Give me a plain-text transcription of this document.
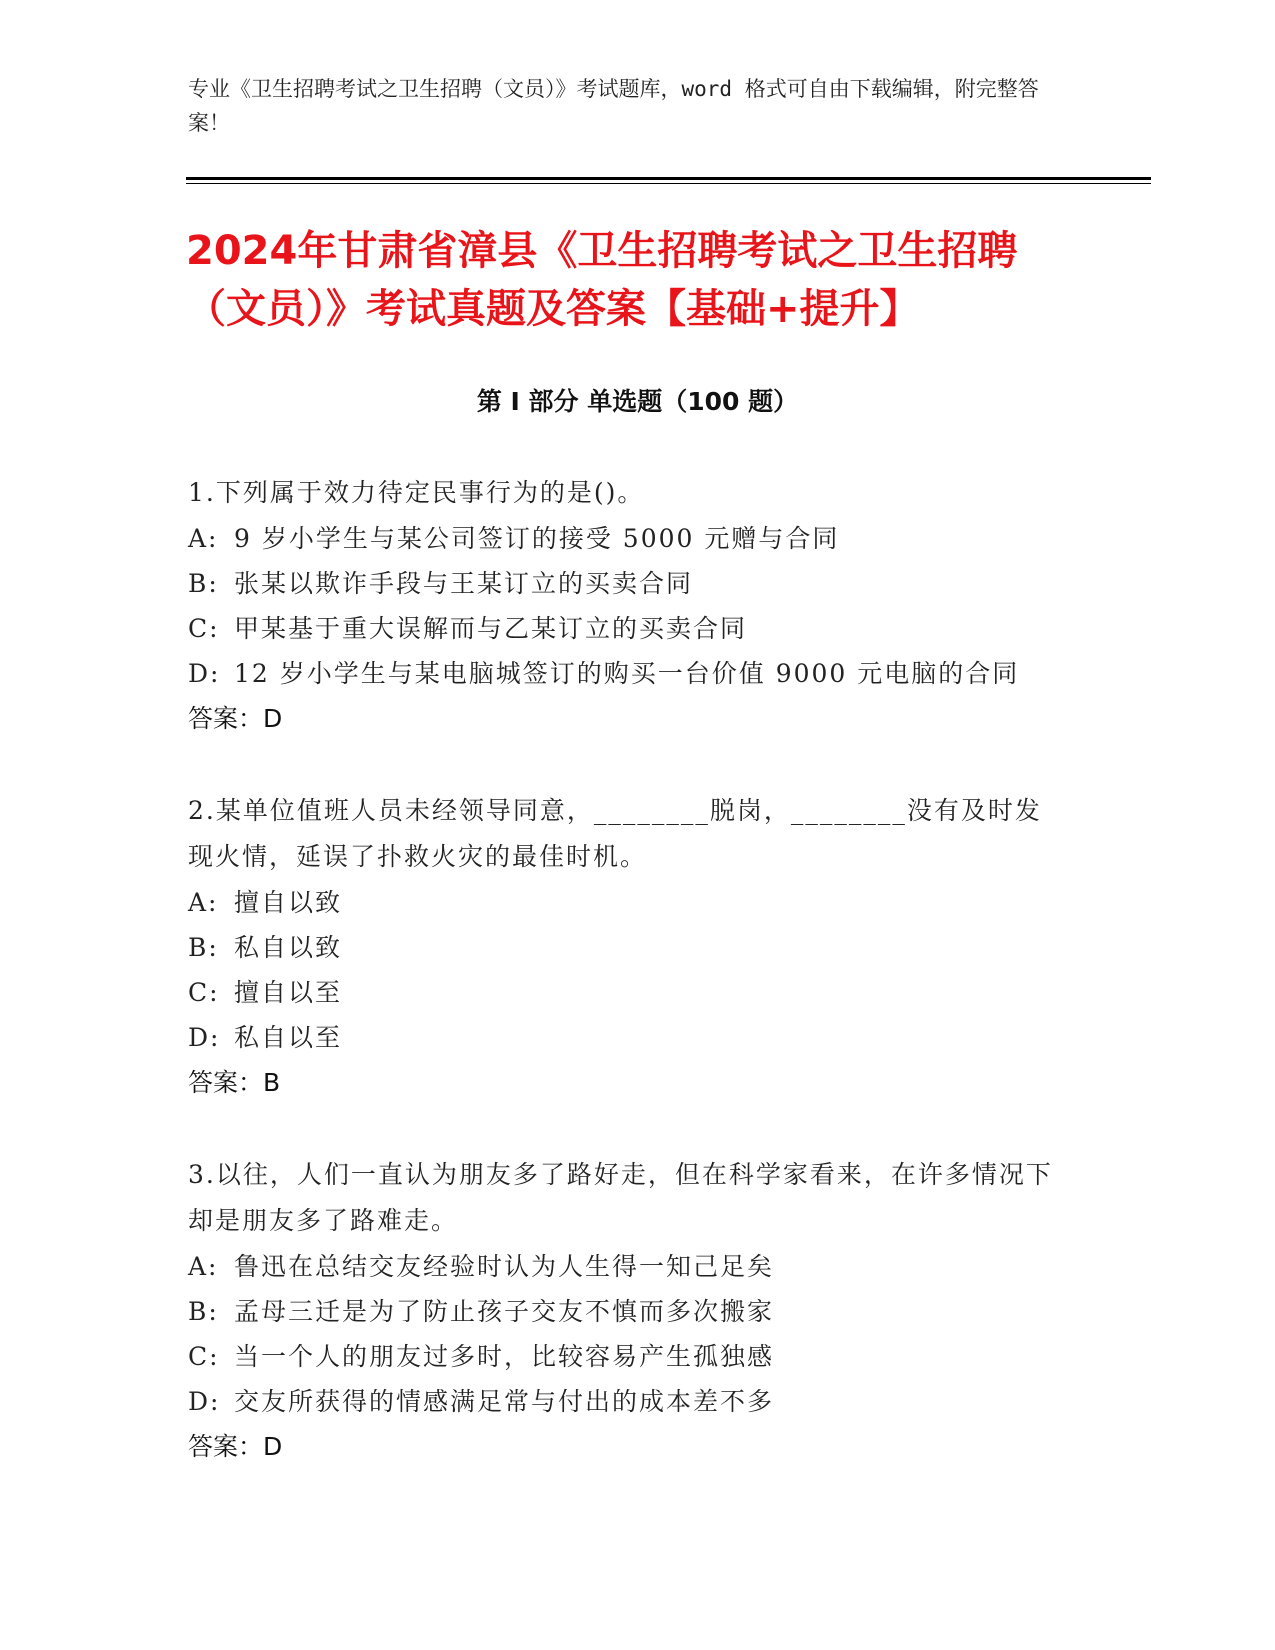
专业《卫生招聘考试之卫生招聘（文员）》考试题库，word 格式可自由下载编辑，附完整答案！
2024年甘肃省漳县《卫生招聘考试之卫生招聘（文员）》考试真题及答案【基础+提升】
第 I 部分 单选题（100 题）
1.下列属于效力待定民事行为的是()。
A: 9 岁小学生与某公司签订的接受 5000 元赠与合同
B: 张某以欺诈手段与王某订立的买卖合同
C: 甲某基于重大误解而与乙某订立的买卖合同
D: 12 岁小学生与某电脑城签订的购买一台价值 9000 元电脑的合同
答案：D
2.某单位值班人员未经领导同意，________脱岗，________没有及时发现火情，延误了扑救火灾的最佳时机。
A: 擅自以致
B: 私自以致
C: 擅自以至
D: 私自以至
答案：B
3.以往，人们一直认为朋友多了路好走，但在科学家看来，在许多情况下却是朋友多了路难走。
A: 鲁迅在总结交友经验时认为人生得一知己足矣
B: 孟母三迁是为了防止孩子交友不慎而多次搬家
C: 当一个人的朋友过多时，比较容易产生孤独感
D: 交友所获得的情感满足常与付出的成本差不多
答案：D
